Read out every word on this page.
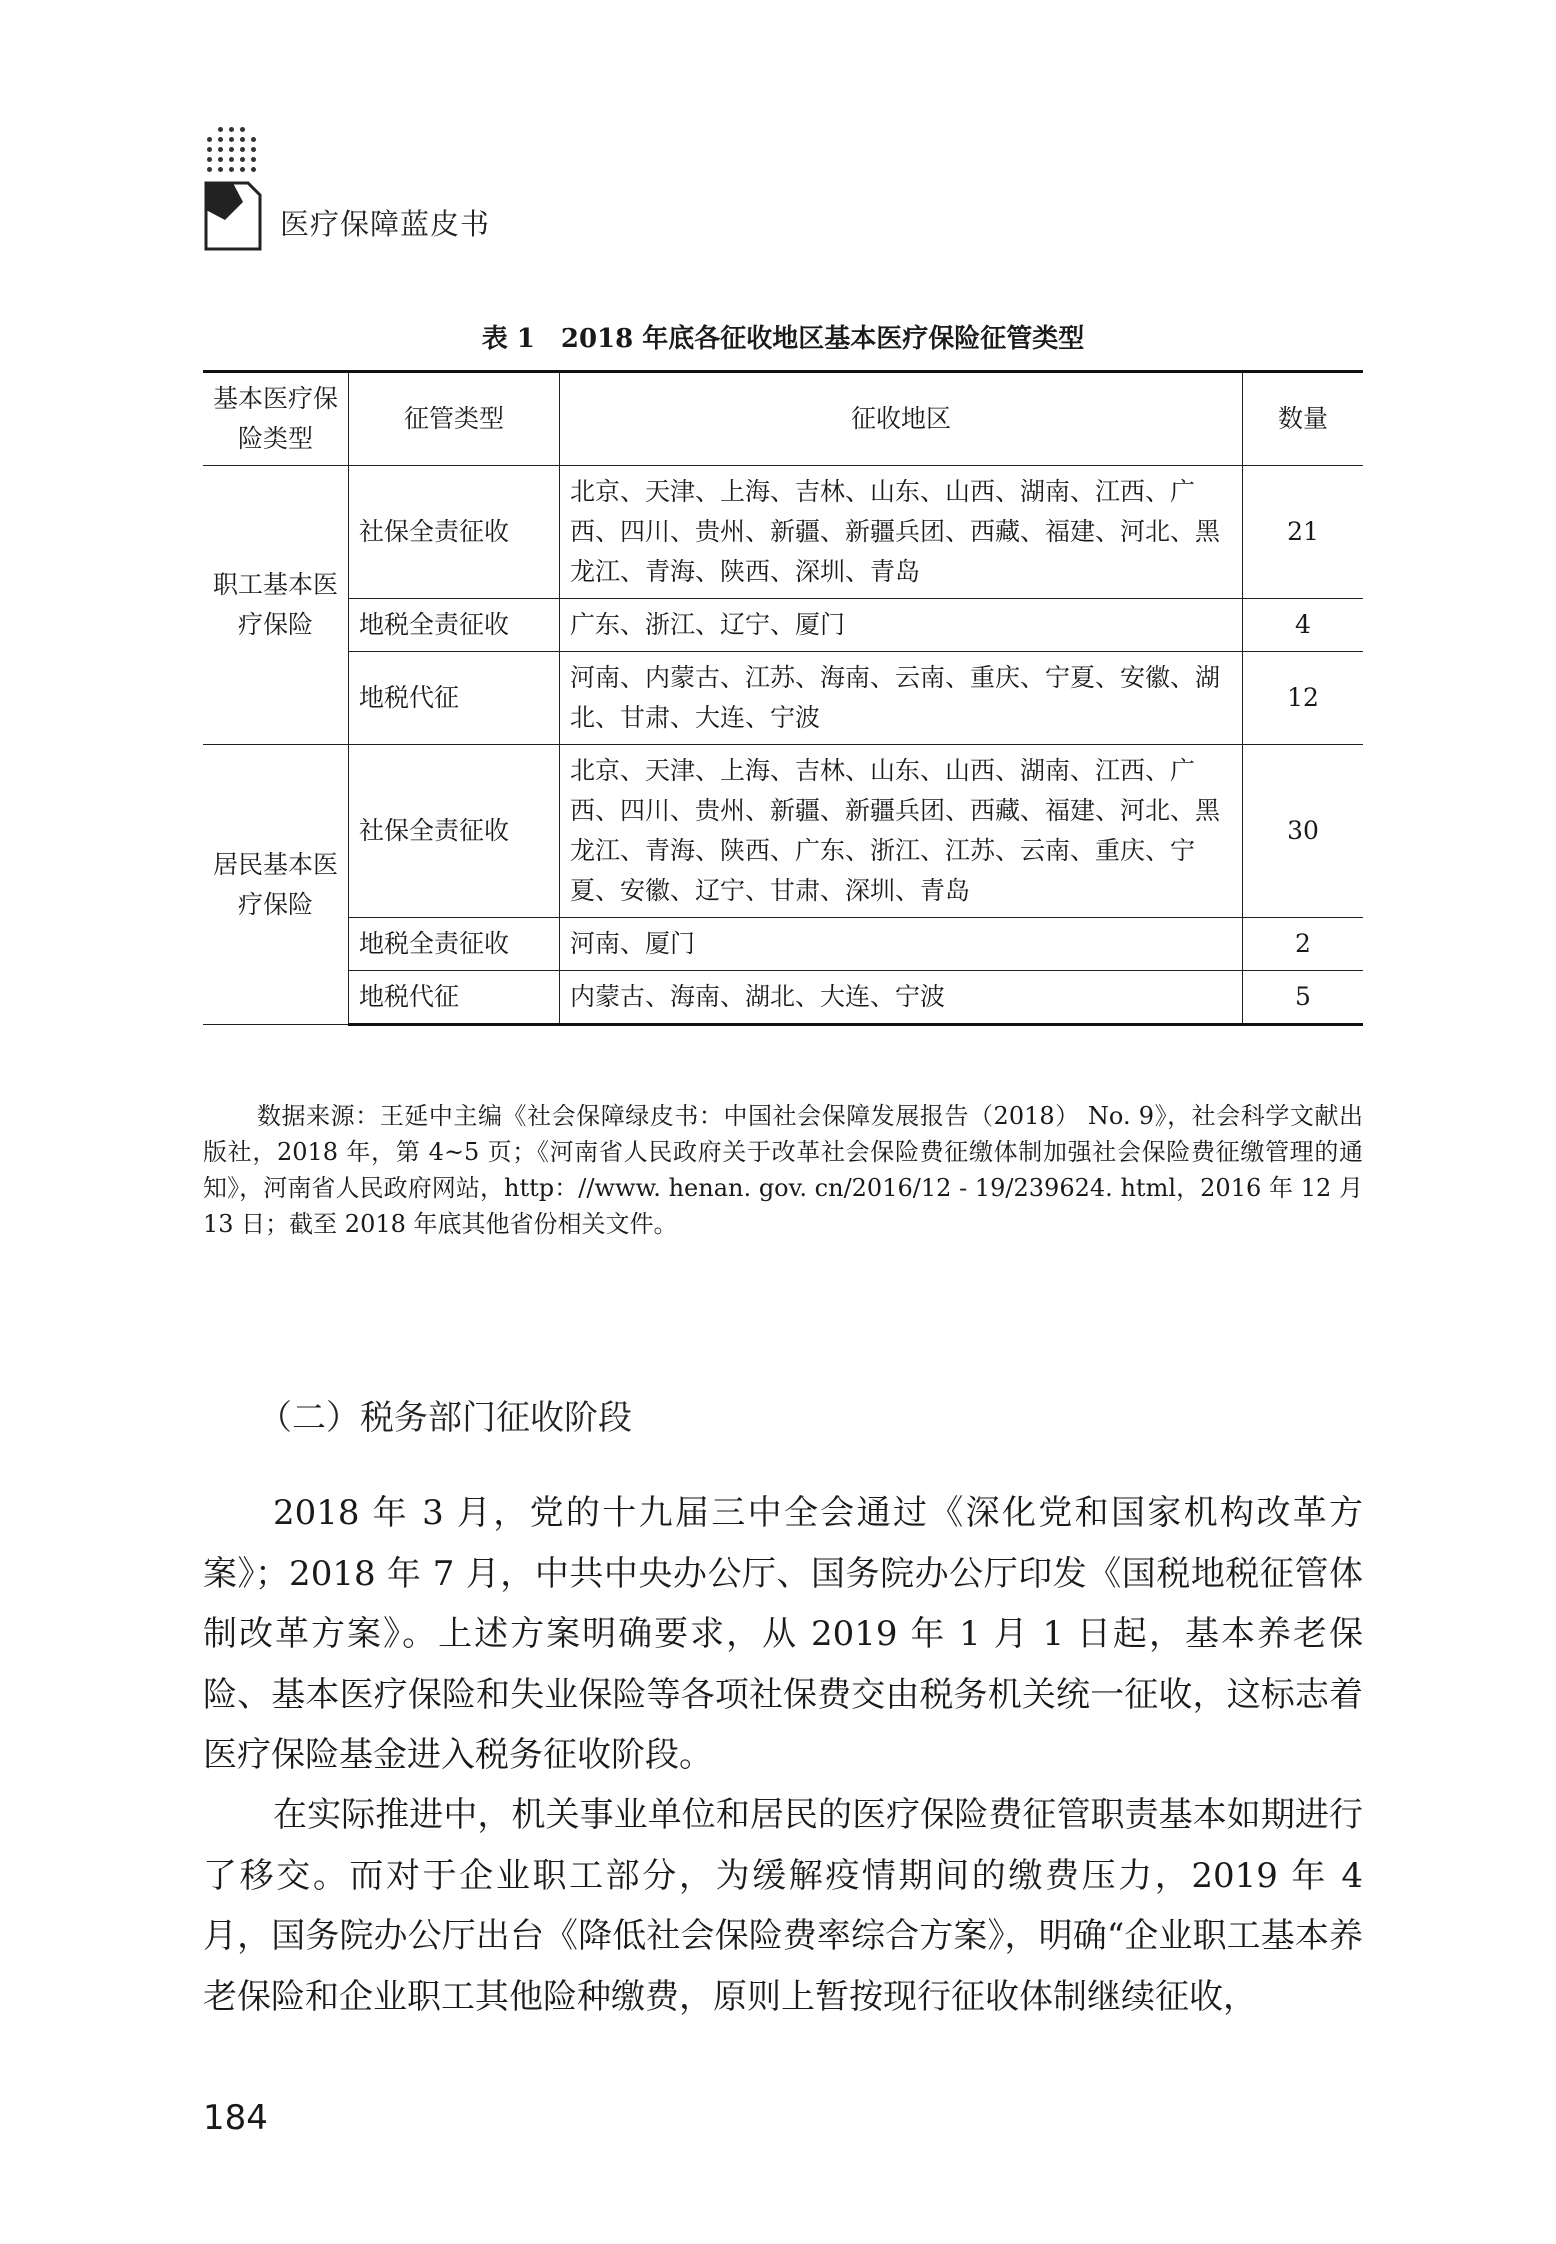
医疗保障蓝皮书
表 1　2018 年底各征收地区基本医疗保险征管类型
基本医疗保险类型	征管类型	征收地区	数量
职工基本医疗保险	社保全责征收	北京、天津、上海、吉林、山东、山西、湖南、江西、广西、四川、贵州、新疆、新疆兵团、西藏、福建、河北、黑龙江、青海、陕西、深圳、青岛	21
	地税全责征收	广东、浙江、辽宁、厦门	4
	地税代征	河南、内蒙古、江苏、海南、云南、重庆、宁夏、安徽、湖北、甘肃、大连、宁波	12
居民基本医疗保险	社保全责征收	北京、天津、上海、吉林、山东、山西、湖南、江西、广西、四川、贵州、新疆、新疆兵团、西藏、福建、河北、黑龙江、青海、陕西、广东、浙江、江苏、云南、重庆、宁夏、安徽、辽宁、甘肃、深圳、青岛	30
	地税全责征收	河南、厦门	2
	地税代征	内蒙古、海南、湖北、大连、宁波	5
数据来源：王延中主编《社会保障绿皮书：中国社会保障发展报告（2018） No. 9》，社会科学文献出版社，2018 年，第 4~5 页；《河南省人民政府关于改革社会保险费征缴体制加强社会保险费征缴管理的通知》，河南省人民政府网站，http：//www. henan. gov. cn/2016/12 - 19/239624. html，2016 年 12 月 13 日；截至 2018 年底其他省份相关文件。
（二）税务部门征收阶段

2018 年 3 月，党的十九届三中全会通过《深化党和国家机构改革方案》；2018 年 7 月，中共中央办公厅、国务院办公厅印发《国税地税征管体制改革方案》。上述方案明确要求，从 2019 年 1 月 1 日起，基本养老保险、基本医疗保险和失业保险等各项社保费交由税务机关统一征收，这标志着医疗保险基金进入税务征收阶段。

在实际推进中，机关事业单位和居民的医疗保险费征管职责基本如期进行了移交。而对于企业职工部分，为缓解疫情期间的缴费压力，2019 年 4 月，国务院办公厅出台《降低社会保险费率综合方案》，明确“企业职工基本养老保险和企业职工其他险种缴费，原则上暂按现行征收体制继续征收，

184
